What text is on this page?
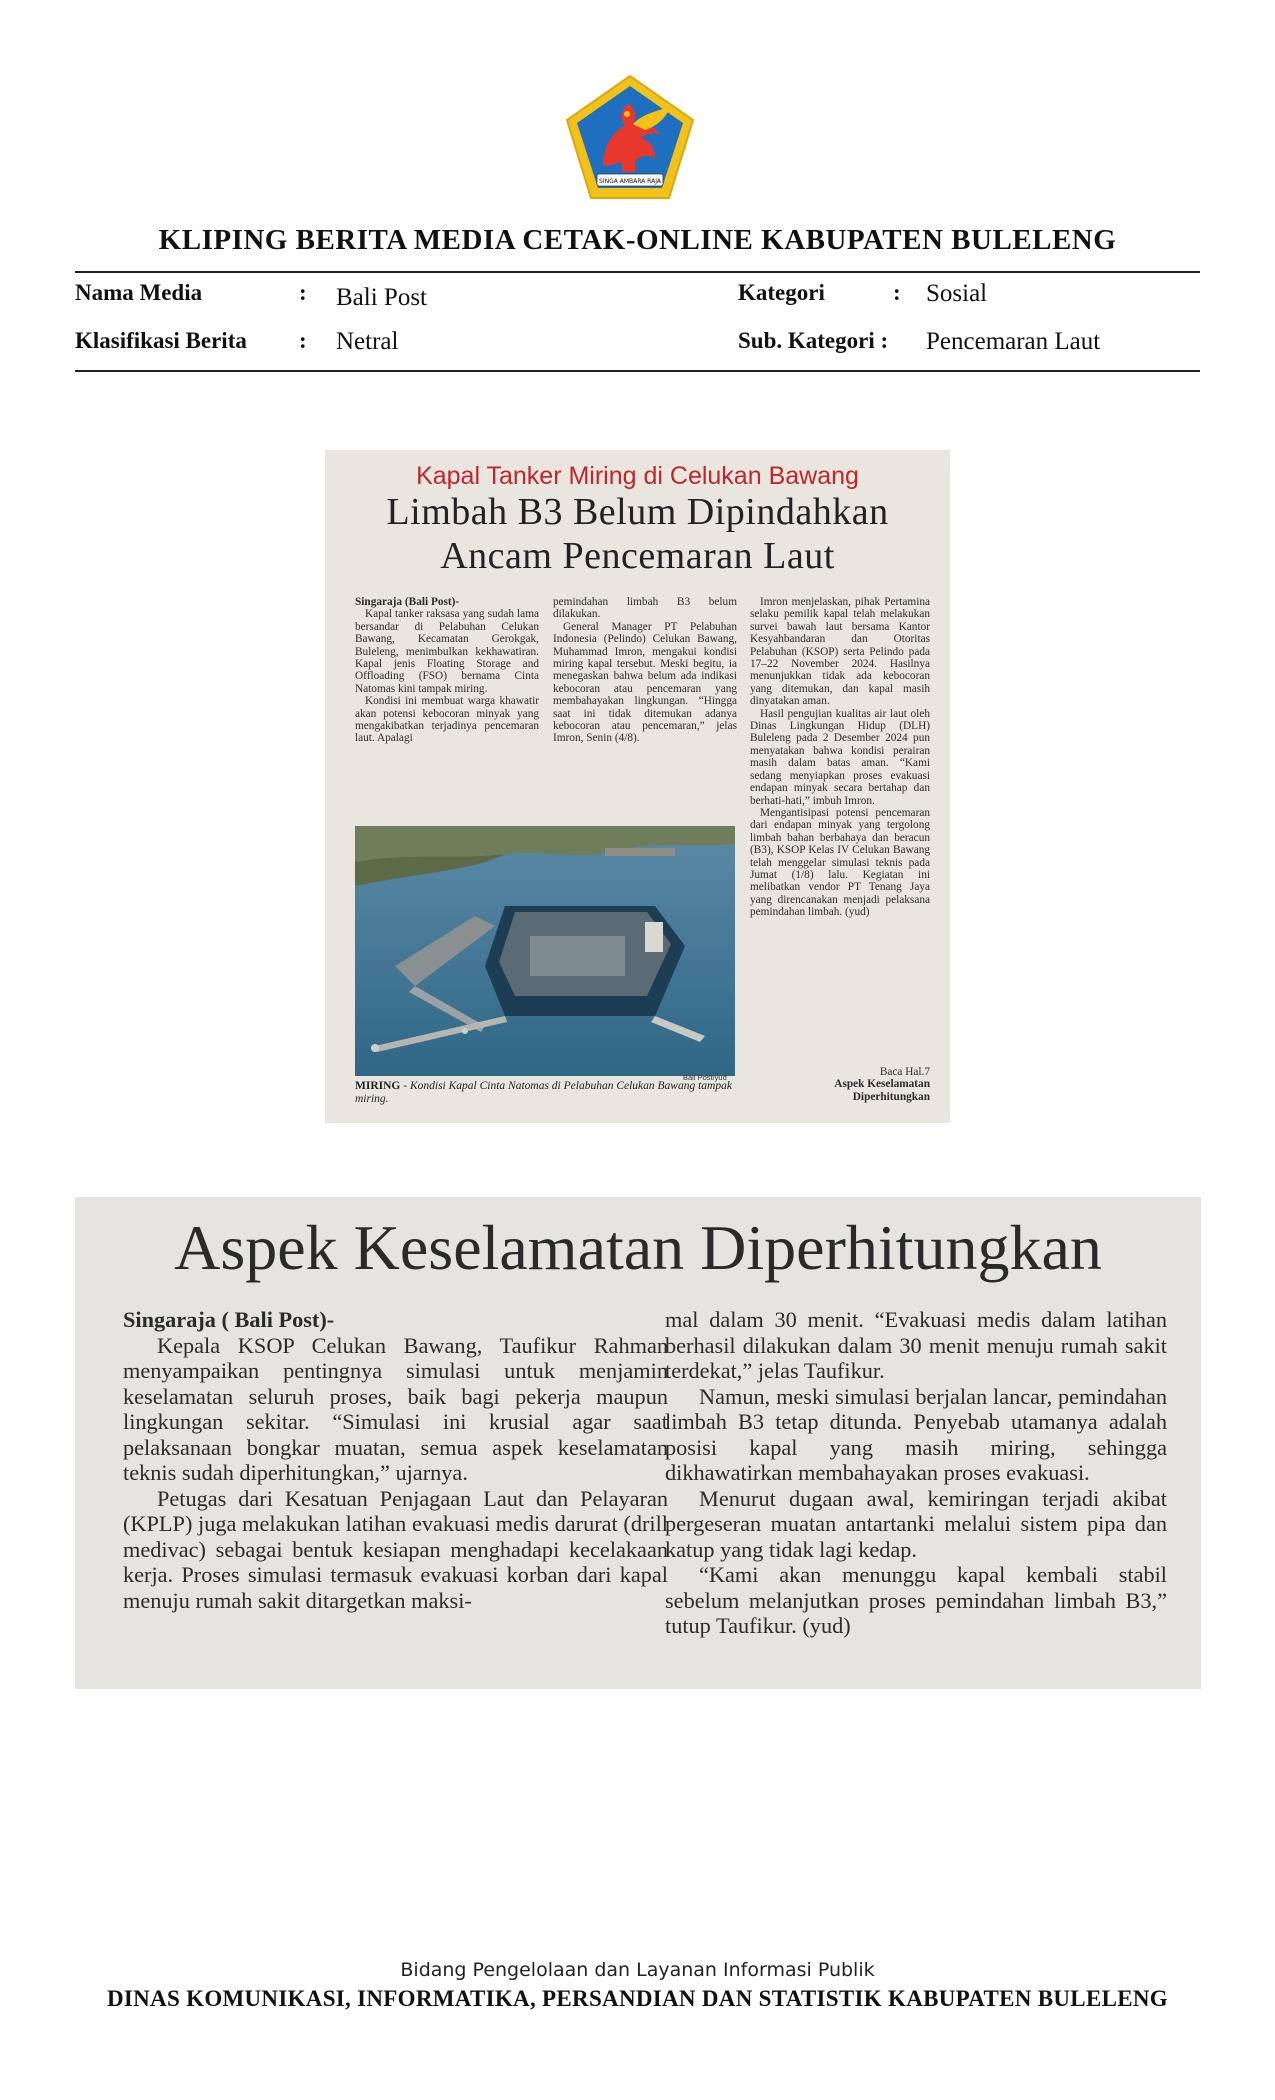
SINGA AMBARA RAJA
KLIPING BERITA MEDIA CETAK-ONLINE KABUPATEN BULELENG
Nama Media	: Bali Post	Kategori	: Sosial
Klasifikasi Berita : Netral	Sub. Kategori : Pencemaran Laut
Kapal Tanker Miring di Celukan Bawang
Limbah B3 Belum Dipindahkan
Ancam Pencemaran Laut

Singaraja (Bali Post)-

Kapal tanker raksasa yang sudah lama bersandar di Pelabuhan Celukan Bawang, Kecamatan Gerokgak, Buleleng, menimbulkan kekhawatiran. Kapal jenis Floating Storage and Offloading (FSO) bernama Cinta Natomas kini tampak miring.

Kondisi ini membuat warga khawatir akan potensi kebocoran minyak yang mengakibatkan terjadinya pencemaran laut. Apalagi

pemindahan limbah B3 belum dilakukan.

General Manager PT Pelabuhan Indonesia (Pelindo) Celukan Bawang, Muhammad Imron, mengakui kondisi miring kapal tersebut. Meski begitu, ia menegaskan bahwa belum ada indikasi kebocoran atau pencemaran yang membahayakan lingkungan. “Hingga saat ini tidak ditemukan adanya kebocoran atau pencemaran,” jelas Imron, Senin (4/8).

Imron menjelaskan, pihak Pertamina selaku pemilik kapal telah melakukan survei bawah laut bersama Kantor Kesyahbandaran dan Otoritas Pelabuhan (KSOP) serta Pelindo pada 17–22 November 2024. Hasilnya menunjukkan tidak ada kebocoran yang ditemukan, dan kapal masih dinyatakan aman.

Hasil pengujian kualitas air laut oleh Dinas Lingkungan Hidup (DLH) Buleleng pada 2 Desember 2024 pun menyatakan bahwa kondisi perairan masih dalam batas aman. “Kami sedang menyiapkan proses evakuasi endapan minyak secara bertahap dan berhati-hati,” imbuh Imron.

Mengantisipasi potensi pencemaran dari endapan minyak yang tergolong limbah bahan berbahaya dan beracun (B3), KSOP Kelas IV Celukan Bawang telah menggelar simulasi teknis pada Jumat (1/8) lalu. Kegiatan ini melibatkan vendor PT Tenang Jaya yang direncanakan menjadi pelaksana pemindahan limbah. (yud)

Bali Post/yud
MIRING - Kondisi Kapal Cinta Natomas di Pelabuhan Celukan Bawang tampak miring.
Baca Hal.7
Aspek Keselamatan
Diperhitungkan
Aspek Keselamatan Diperhitungkan

Singaraja ( Bali Post)-

Kepala KSOP Celukan Bawang, Taufikur Rahman menyampaikan pentingnya simulasi untuk menjamin keselamatan seluruh proses, baik bagi pekerja maupun lingkungan sekitar. “Simulasi ini krusial agar saat pelaksanaan bongkar muatan, semua aspek keselamatan teknis sudah diperhitungkan,” ujarnya.

Petugas dari Kesatuan Penjagaan Laut dan Pelayaran (KPLP) juga melakukan latihan evakuasi medis darurat (drill medivac) sebagai bentuk kesiapan menghadapi kecelakaan kerja. Proses simulasi termasuk evakuasi korban dari kapal menuju rumah sakit ditargetkan maksi-

mal dalam 30 menit. “Evakuasi medis dalam latihan berhasil dilakukan dalam 30 menit menuju rumah sakit terdekat,” jelas Taufikur.

Namun, meski simulasi berjalan lancar, pemindahan limbah B3 tetap ditunda. Penyebab utamanya adalah posisi kapal yang masih miring, sehingga dikhawatirkan membahayakan proses evakuasi.

Menurut dugaan awal, kemiringan terjadi akibat pergeseran muatan antartanki melalui sistem pipa dan katup yang tidak lagi kedap.

“Kami akan menunggu kapal kembali stabil sebelum melanjutkan proses pemindahan limbah B3,” tutup Taufikur. (yud)

Bidang Pengelolaan dan Layanan Informasi Publik
DINAS KOMUNIKASI, INFORMATIKA, PERSANDIAN DAN STATISTIK KABUPATEN BULELENG
